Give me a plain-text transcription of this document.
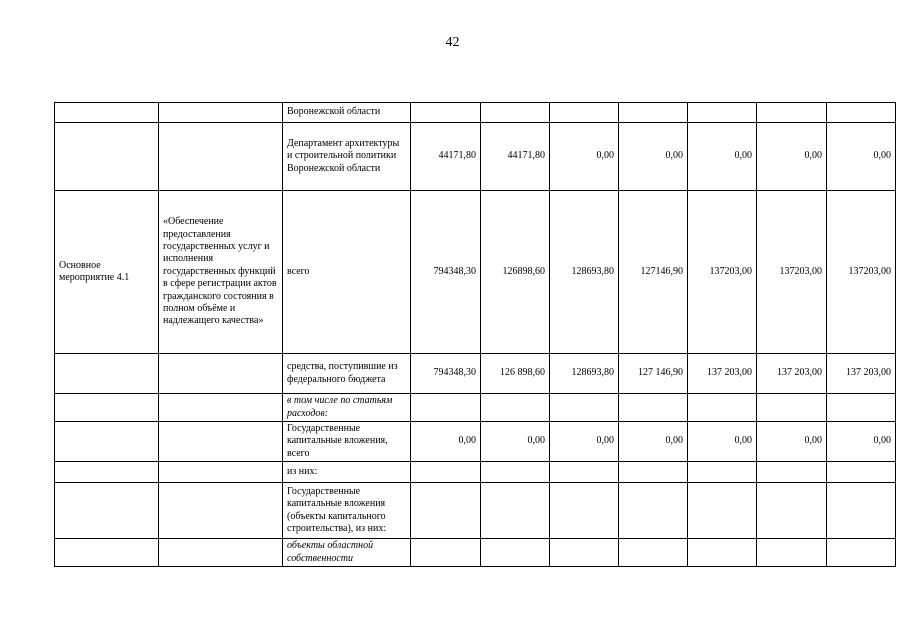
42
		Воронежской области							
		Департамент архитектуры и строительной политики Воронежской области	44171,80	44171,80	0,00	0,00	0,00	0,00	0,00
Основное мероприятие 4.1	«Обеспечение предоставления государственных услуг и исполнения государственных функций в сфере регистрации актов гражданского состояния в полном объёме и надлежащего качества»	всего	794348,30	126898,60	128693,80	127146,90	137203,00	137203,00	137203,00
		средства, поступившие из федерального бюджета	794348,30	126 898,60	128693,80	127 146,90	137 203,00	137 203,00	137 203,00
		в том числе по статьям расходов:							
		Государственные капитальные вложения, всего	0,00	0,00	0,00	0,00	0,00	0,00	0,00
		из них:							
		Государственные капитальные вложения (объекты капитального строительства), из них:							
		объекты областной собственности							
